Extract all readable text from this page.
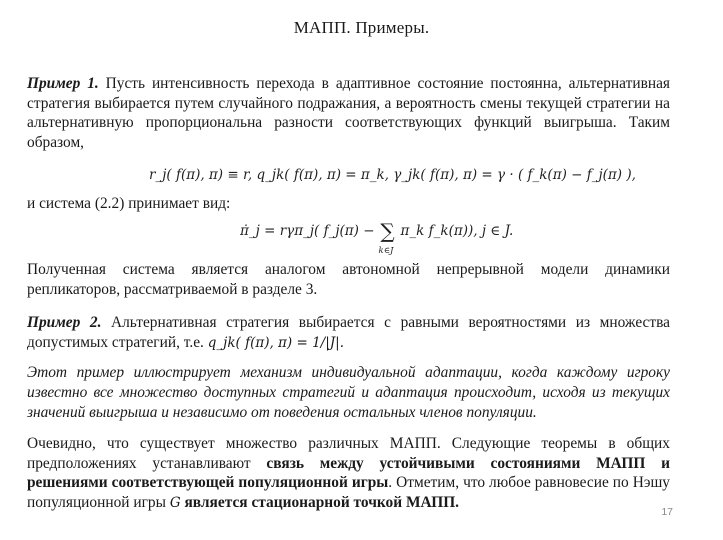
МАПП. Примеры.

Пример 1. Пусть интенсивность перехода в адаптивное состояние постоянна, альтернативная стратегия выбирается путем случайного подражания, а вероятность смены текущей стратегии на альтернативную пропорциональна разности соответствующих функций выигрыша. Таким образом,

r_j( f(π), π) ≡ r, q_jk( f(π), π) = π_k, γ_jk( f(π), π) = γ · ( f_k(π) − f_j(π) ),

и система (2.2) принимает вид:

π̇_j = rγπ_j( f_j(π) − ∑
k∈J
π_k f_k(π)), j ∈ J.

Полученная система является аналогом автономной непрерывной модели динамики репликаторов, рассматриваемой в разделе 3.

Пример 2. Альтернативная стратегия выбирается с равными вероятностями из множества допустимых стратегий, т.е. q_jk( f(π), π) = 1/|J|.

Этот пример иллюстрирует механизм индивидуальной адаптации, когда каждому игроку известно все множество доступных стратегий и адаптация происходит, исходя из текущих значений выигрыша и независимо от поведения остальных членов популяции.

Очевидно, что существует множество различных МАПП. Следующие теоремы в общих предположениях устанавливают связь между устойчивыми состояниями МАПП и решениями соответствующей популяционной игры. Отметим, что любое равновесие по Нэшу популяционной игры G является стационарной точкой МАПП.

17
